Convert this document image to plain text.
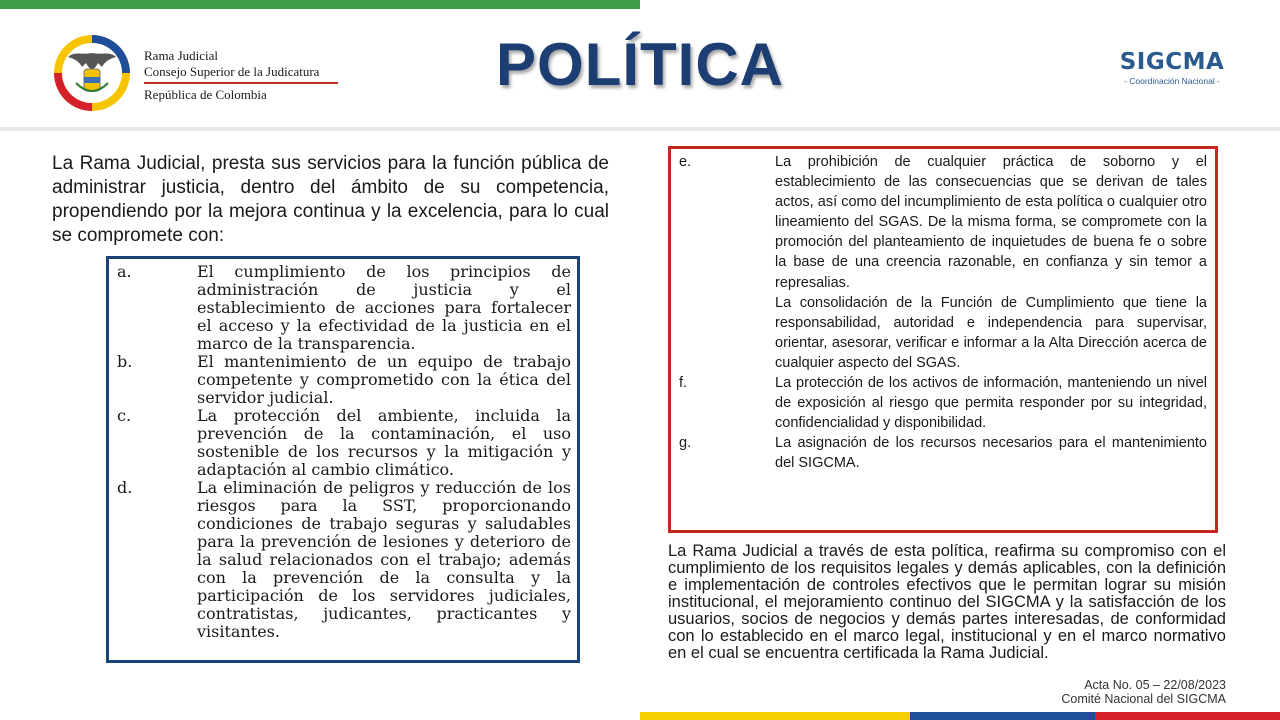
Rama Judicial
Consejo Superior de la Judicatura
República de Colombia	POLÍTICA	SIGCMA
- Coordinación Nacional -
La Rama Judicial, presta sus servicios para la función pública de administrar justicia, dentro del ámbito de su competencia, propendiendo por la mejora continua y la excelencia, para lo cual se compromete con:
a.	El cumplimiento de los principios de administración de justicia y el establecimiento de acciones para fortalecer el acceso y la efectividad de la justicia en el marco de la transparencia.
b.	El mantenimiento de un equipo de trabajo competente y comprometido con la ética del servidor judicial.
c.	La protección del ambiente, incluida la prevención de la contaminación, el uso sostenible de los recursos y la mitigación y adaptación al cambio climático.
d.	La eliminación de peligros y reducción de los riesgos para la SST, proporcionando condiciones de trabajo seguras y saludables para la prevención de lesiones y deterioro de la salud relacionados con el trabajo; además con la prevención de la consulta y la participación de los servidores judiciales, contratistas, judicantes, practicantes y visitantes.
e.	La prohibición de cualquier práctica de soborno y el establecimiento de las consecuencias que se derivan de tales actos, así como del incumplimiento de esta política o cualquier otro lineamiento del SGAS. De la misma forma, se compromete con la promoción del planteamiento de inquietudes de buena fe o sobre la base de una creencia razonable, en confianza y sin temor a represalias.
La consolidación de la Función de Cumplimiento que tiene la responsabilidad, autoridad e independencia para supervisar, orientar, asesorar, verificar e informar a la Alta Dirección acerca de cualquier aspecto del SGAS.
f.	La protección de los activos de información, manteniendo un nivel de exposición al riesgo que permita responder por su integridad, confidencialidad y disponibilidad.
g.	La asignación de los recursos necesarios para el mantenimiento del SIGCMA.
La Rama Judicial a través de esta política, reafirma su compromiso con el cumplimiento de los requisitos legales y demás aplicables, con la definición e implementación de controles efectivos que le permitan lograr su misión institucional, el mejoramiento continuo del SIGCMA y la satisfacción de los usuarios, socios de negocios y demás partes interesadas, de conformidad con lo establecido en el marco legal, institucional y en el marco normativo en el cual se encuentra certificada la Rama Judicial.
Acta No. 05 – 22/08/2023
Comité Nacional del SIGCMA
